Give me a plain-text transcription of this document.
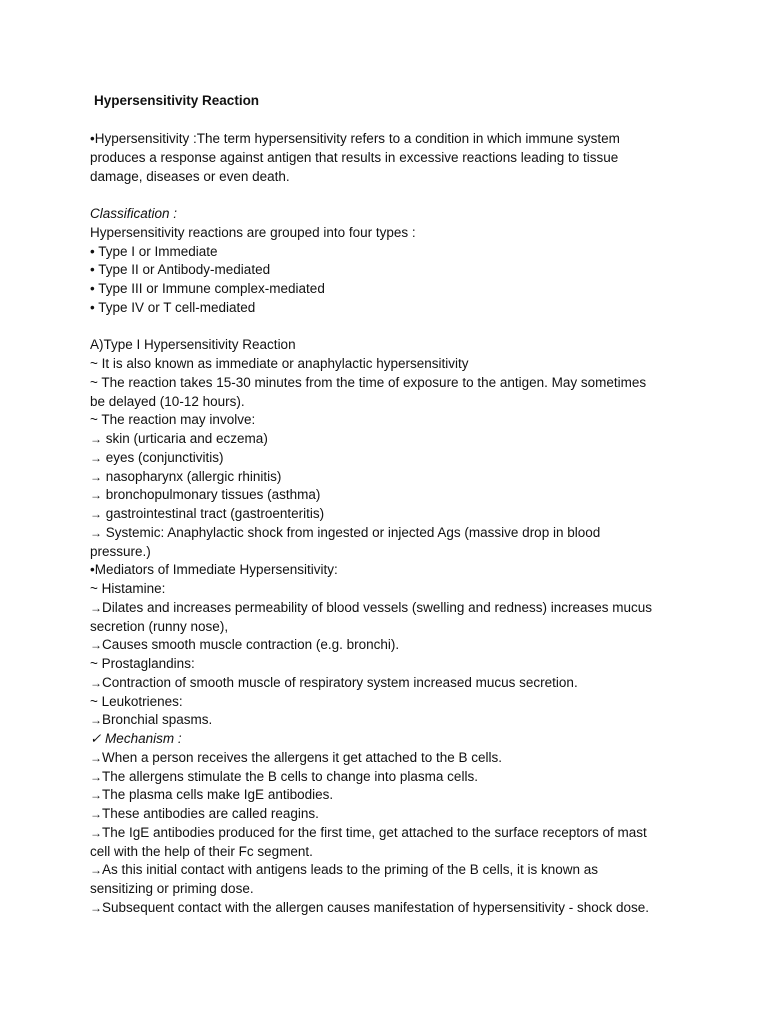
Hypersensitivity Reaction
•Hypersensitivity :The term hypersensitivity refers to a condition in which immune system
produces a response against antigen that results in excessive reactions leading to tissue
damage, diseases or even death.
Classification :
Hypersensitivity reactions are grouped into four types :
• Type I or Immediate
• Type II or Antibody-mediated
• Type III or Immune complex-mediated
• Type IV or T cell-mediated
A)Type I Hypersensitivity Reaction
~ It is also known as immediate or anaphylactic hypersensitivity
~ The reaction takes 15-30 minutes from the time of exposure to the antigen. May sometimes
be delayed (10-12 hours).
~ The reaction may involve:
→ skin (urticaria and eczema)
→ eyes (conjunctivitis)
→ nasopharynx (allergic rhinitis)
→ bronchopulmonary tissues (asthma)
→ gastrointestinal tract (gastroenteritis)
→ Systemic: Anaphylactic shock from ingested or injected Ags (massive drop in blood
pressure.)
•Mediators of Immediate Hypersensitivity:
~ Histamine:
→Dilates and increases permeability of blood vessels (swelling and redness) increases mucus
secretion (runny nose),
→Causes smooth muscle contraction (e.g. bronchi).
~ Prostaglandins:
→Contraction of smooth muscle of respiratory system increased mucus secretion.
~ Leukotrienes:
→Bronchial spasms.
✓ Mechanism :
→When a person receives the allergens it get attached to the B cells.
→The allergens stimulate the B cells to change into plasma cells.
→The plasma cells make IgE antibodies.
→These antibodies are called reagins.
→The IgE antibodies produced for the first time, get attached to the surface receptors of mast
cell with the help of their Fc segment.
→As this initial contact with antigens leads to the priming of the B cells, it is known as
sensitizing or priming dose.
→Subsequent contact with the allergen causes manifestation of hypersensitivity - shock dose.
